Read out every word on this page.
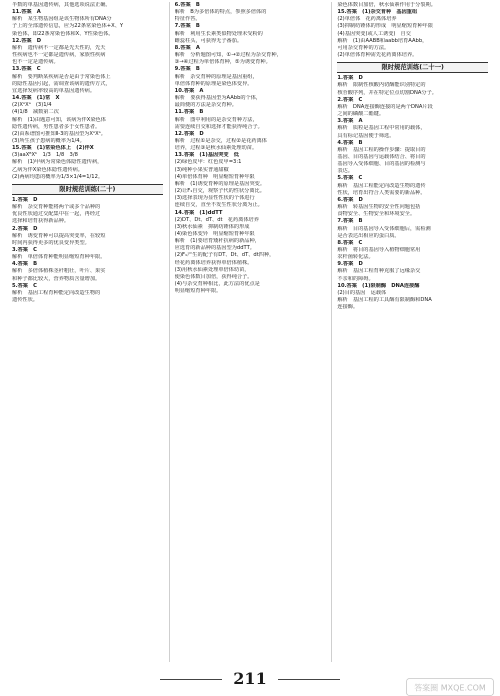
半数的单基因遗传病，其他选项说法正确。
11.答案　A
解析　某生物基因组是该生物体所有DNA分
子上的全部遗传信息，应为22条常染色体+X、Y
染色体，即22条常染色体和X、Y性染色体。
12.答案　D
解析　遗传病不一定都是先天性的，先天
性疾病也不一定都是遗传病，家族性疾病
也不一定是遗传病。
13.答案　C
解析　要判断某疾病是否是由于常染色体上
的隐性基因引起，需调查该病的遗传方式，
宜选择发病率较高的单基因遗传病。
14.答案　(1)常　X
(2)XᴬXᵃ　(3)1/4
(4)1/8　减数第二次
解析　(1)由题意可知，该病为伴X染色体
隐性遗传病，男性患者多于女性患者。
(2)由系谱图可推知Ⅱ-3的基因型为XᴬXᵃ。
(3)所生孩子患病的概率为1/4。
15.答案　(1)常染色体上　(2)伴X
(3)aaXᴮXᵇ　1/3　1/8　3/8
解析　(1)甲病为常染色体隐性遗传病，
乙病为伴X染色体隐性遗传病。
(2)两病均患的概率为1/3×1/4=1/12。
限时规范训练(二十)
1.答案　D
解析　杂交育种能将两个或多个品种的
优良性状通过交配集中在一起，再经过
选择和培育获得新品种。
2.答案　D
解析　诱变育种可以提高突变率，在较短
时间内获得更多的优良变异类型。
3.答案　C
解析　单倍体育种能明显缩短育种年限。
4.答案　B
解析　多倍体植株茎秆粗壮，叶片、果实
和种子都比较大，营养物质含量增加。
5.答案　C
解析　基因工程育种能定向改造生物的
遗传性状。
6.答案　B
解析　B为多倍体的特点，参照多倍体的
特征作答。
7.答案　B
解析　利用生长素类似物处理未受粉的
雌蕊柱头，可获得无子番茄。
8.答案　A
解析　分析题图可知，①→②过程为杂交育种，
③→④过程为单倍体育种，⑤为诱变育种。
9.答案　B
解析　杂交育种的原理是基因重组，
单倍体育种的原理是染色体变异。
10.答案　A
解析　要获得基因型为AAbb的个体，
最简便的方法是杂交育种。
11.答案　B
解析　图中利用的是杂交育种方法，
需要连续自交和选择才能获得纯合子。
12.答案　D
解析　过程①是杂交，过程②是花药离体
培养，过程③是秋水仙素处理幼苗。
13.答案　(1)基因突变　低
(2)绿色皮甲：红色皮甲=3:1
(3)纯种小果实普通甜椒
(4)单倍体育种　明显缩短育种年限
解析　(1)诱变育种的原理是基因突变。
(2)让F₁自交，观察子代的性状分离比。
(3)选择表现为显性性状的个体进行
连续自交，直至不发生性状分离为止。
14.答案　(1)ddTT
(2)DT、Dt、dT、dt　花药离体培养
(3)秋水仙素　抑制纺锤体的形成
(4)染色体变异　明显缩短育种年限
解析　(1)要培育矮秆抗病的新品种，
应选育的新品种的基因型为ddTT。
(2)F₁产生的配子有DT、Dt、dT、dt四种，
经花药离体培养获得单倍体植株。
(3)用秋水仙素处理单倍体幼苗，
使染色体数目加倍，获得纯合子。
(4)与杂交育种相比，此方法的优点是
明显缩短育种年限。
染色体数目加倍，秋水仙素作用于分裂期。
15.答案　(1)杂交育种　基因重组
(2)单倍体　花药离体培养
(3)抑制纺锤体的形成　明显缩短育种年限
(4)基因突变(或人工诱变)　自交
解析　(1)由AABB和aabb培育AAbb，
可用杂交育种的方法。
(2)单倍体育种需先花药离体培养。
限时规范训练(二十一)
1.答案　D
解析　限制性核酸内切酶能识别特定的
核苷酸序列，并在特定位点切割DNA分子。
2.答案　C
解析　DNA连接酶连接的是两个DNA片段
之间的磷酸二酯键。
3.答案　A
解析　质粒是基因工程中常用的载体，
具有标记基因便于筛选。
4.答案　B
解析　基因工程的操作步骤：提取目的
基因、目的基因与运载体结合、将目的
基因导入受体细胞、目的基因的检测与
表达。
5.答案　C
解析　基因工程能定向改造生物的遗传
性状，培育出符合人类需要的新品种。
6.答案　D
解析　转基因生物的安全性问题包括
食物安全、生物安全和环境安全。
7.答案　B
解析　目的基因导入受体细胞后，需检测
是否表达出相应的蛋白质。
8.答案　C
解析　将目的基因导入植物细胞常用
农杆菌转化法。
9.答案　D
解析　基因工程育种克服了远缘杂交
不亲和的障碍。
10.答案　(1)限制酶　DNA连接酶
(2)目的基因　运载体
解析　基因工程的工具酶有限制酶和DNA
连接酶。
211	答案圈 MXQE.COM
